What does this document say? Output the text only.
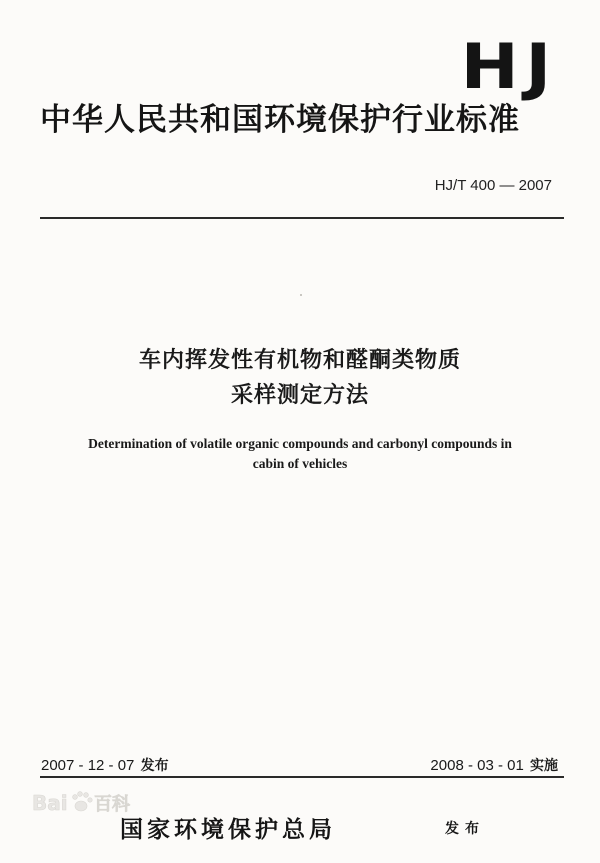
HJ
中华人民共和国环境保护行业标准
HJ/T 400 — 2007
车内挥发性有机物和醛酮类物质
采样测定方法
Determination of volatile organic compounds and carbonyl compounds in
cabin of vehicles
2007 - 12 - 07 发布	2008 - 03 - 01 实施
Bai 百科
国家环境保护总局	发布
